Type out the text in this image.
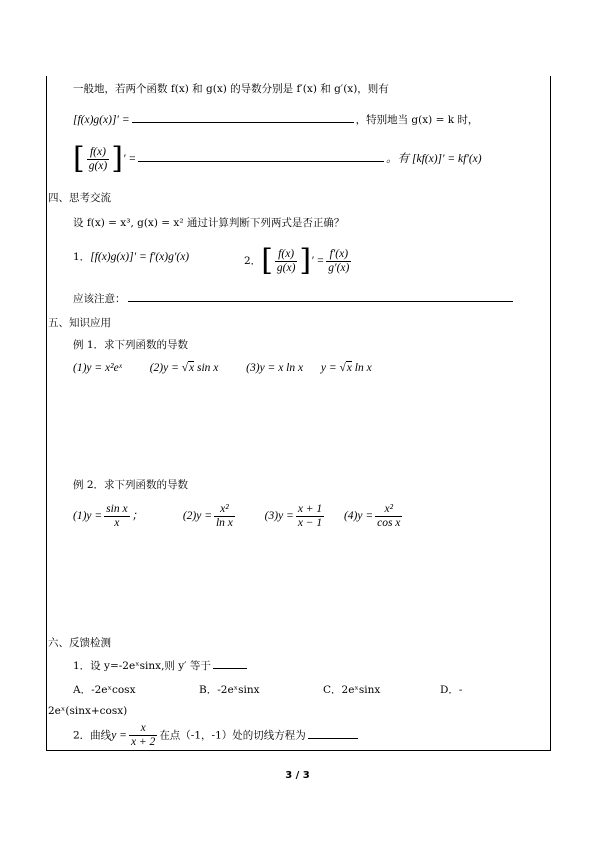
一般地，若两个函数 f(x) 和 g(x) 的导数分别是 f′(x) 和 g′(x)，则有
[f(x)g(x)]′ =	，特别地当 g(x) = k 时，
[ $\frac{f(x)}{g(x)}$ ]′ =	。有 [kf(x)]′ = kf′(x)
四、思考交流
设 f(x) = x³, g(x) = x² 通过计算判断下列两式是否正确？
1．[f(x)g(x)]′ = f′(x)g′(x)	2．[ $\frac{f(x)}{g(x)}$ ]′ = $\frac{f'(x)}{g'(x)}$
应该注意：
五、知识应用
例 1．求下列函数的导数
(1)y = x²eˣ (2)y = √x sin x (3)y = x ln x y = √x ln x
例 2．求下列函数的导数
$(1)y = \frac{\text{sin x}}{x}$ ；	$(2)y = \frac{\text{x²}}{\text{ln x}}$	$(3)y = \frac{x + 1}{x - 1} (4)y = \frac{\text{x²}}{\text{cos x}}$
六、反馈检测
1．设 y=-2eˣsinx,则 y′ 等于
A．-2eˣcosx	B．-2eˣsinx	C．2eˣsinx	D．-
2eˣ(sinx+cosx)
2．曲线$y = \frac{x}{x + 2}$ 在点（-1，-1）处的切线方程为
3 / 3
